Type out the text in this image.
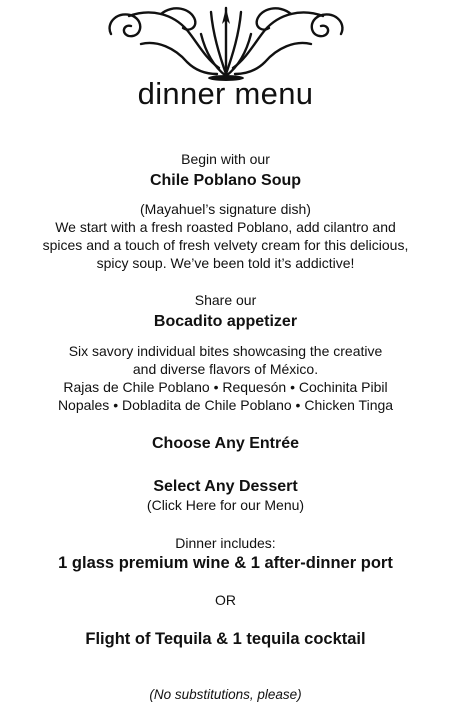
dinner menu
Begin with our
Chile Poblano Soup
(Mayahuel’s signature dish)
We start with a fresh roasted Poblano, add cilantro and
spices and a touch of fresh velvety cream for this delicious,
spicy soup. We’ve been told it’s addictive!
Share our
Bocadito appetizer
Six savory individual bites showcasing the creative
and diverse flavors of México.
Rajas de Chile Poblano • Requesón • Cochinita Pibil
Nopales • Dobladita de Chile Poblano • Chicken Tinga
Choose Any Entrée
Select Any Dessert
(Click Here for our Menu)
Dinner includes:
1 glass premium wine & 1 after-dinner port
OR
Flight of Tequila & 1 tequila cocktail
(No substitutions, please)
